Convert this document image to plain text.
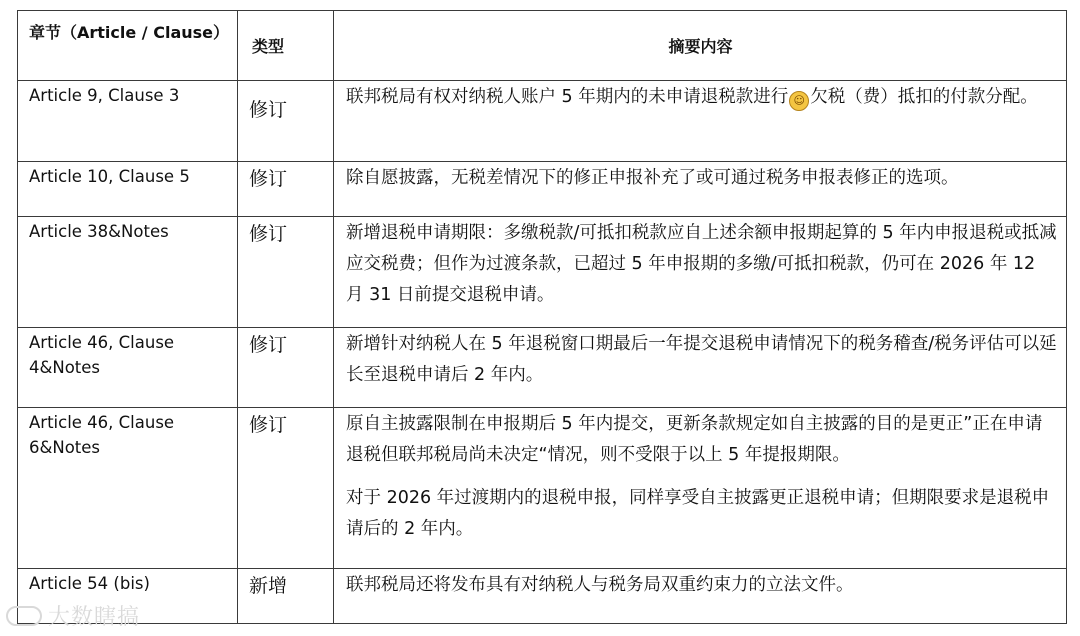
章节（Article / Clause）	类型	摘要内容
Article 9, Clause 3	修订	联邦税局有权对纳税人账户 5 年期内的未申请退税款进行 ☺ 欠税（费）抵扣的付款分配。
Article 10, Clause 5	修订	除自愿披露，无税差情况下的修正申报补充了或可通过税务申报表修正的选项。
Article 38&Notes	修订	新增退税申请期限：多缴税款/可抵扣税款应自上述余额申报期起算的 5 年内申报退税或抵减应交税费；但作为过渡条款，已超过 5 年申报期的多缴/可抵扣税款，仍可在 2026 年 12 月 31 日前提交退税申请。
Article 46, Clause 4&Notes	修订	新增针对纳税人在 5 年退税窗口期最后一年提交退税申请情况下的税务稽查/税务评估可以延长至退税申请后 2 年内。
Article 46, Clause 6&Notes	修订	原自主披露限制在申报期后 5 年内提交，更新条款规定如自主披露的目的是更正”正在申请退税但联邦税局尚未决定“情况，则不受限于以上 5 年提报期限。

对于 2026 年过渡期内的退税申报，同样享受自主披露更正退税申请；但期限要求是退税申请后的 2 年内。

Article 54 (bis)	新增	联邦税局还将发布具有对纳税人与税务局双重约束力的立法文件。
大数瞎搞
